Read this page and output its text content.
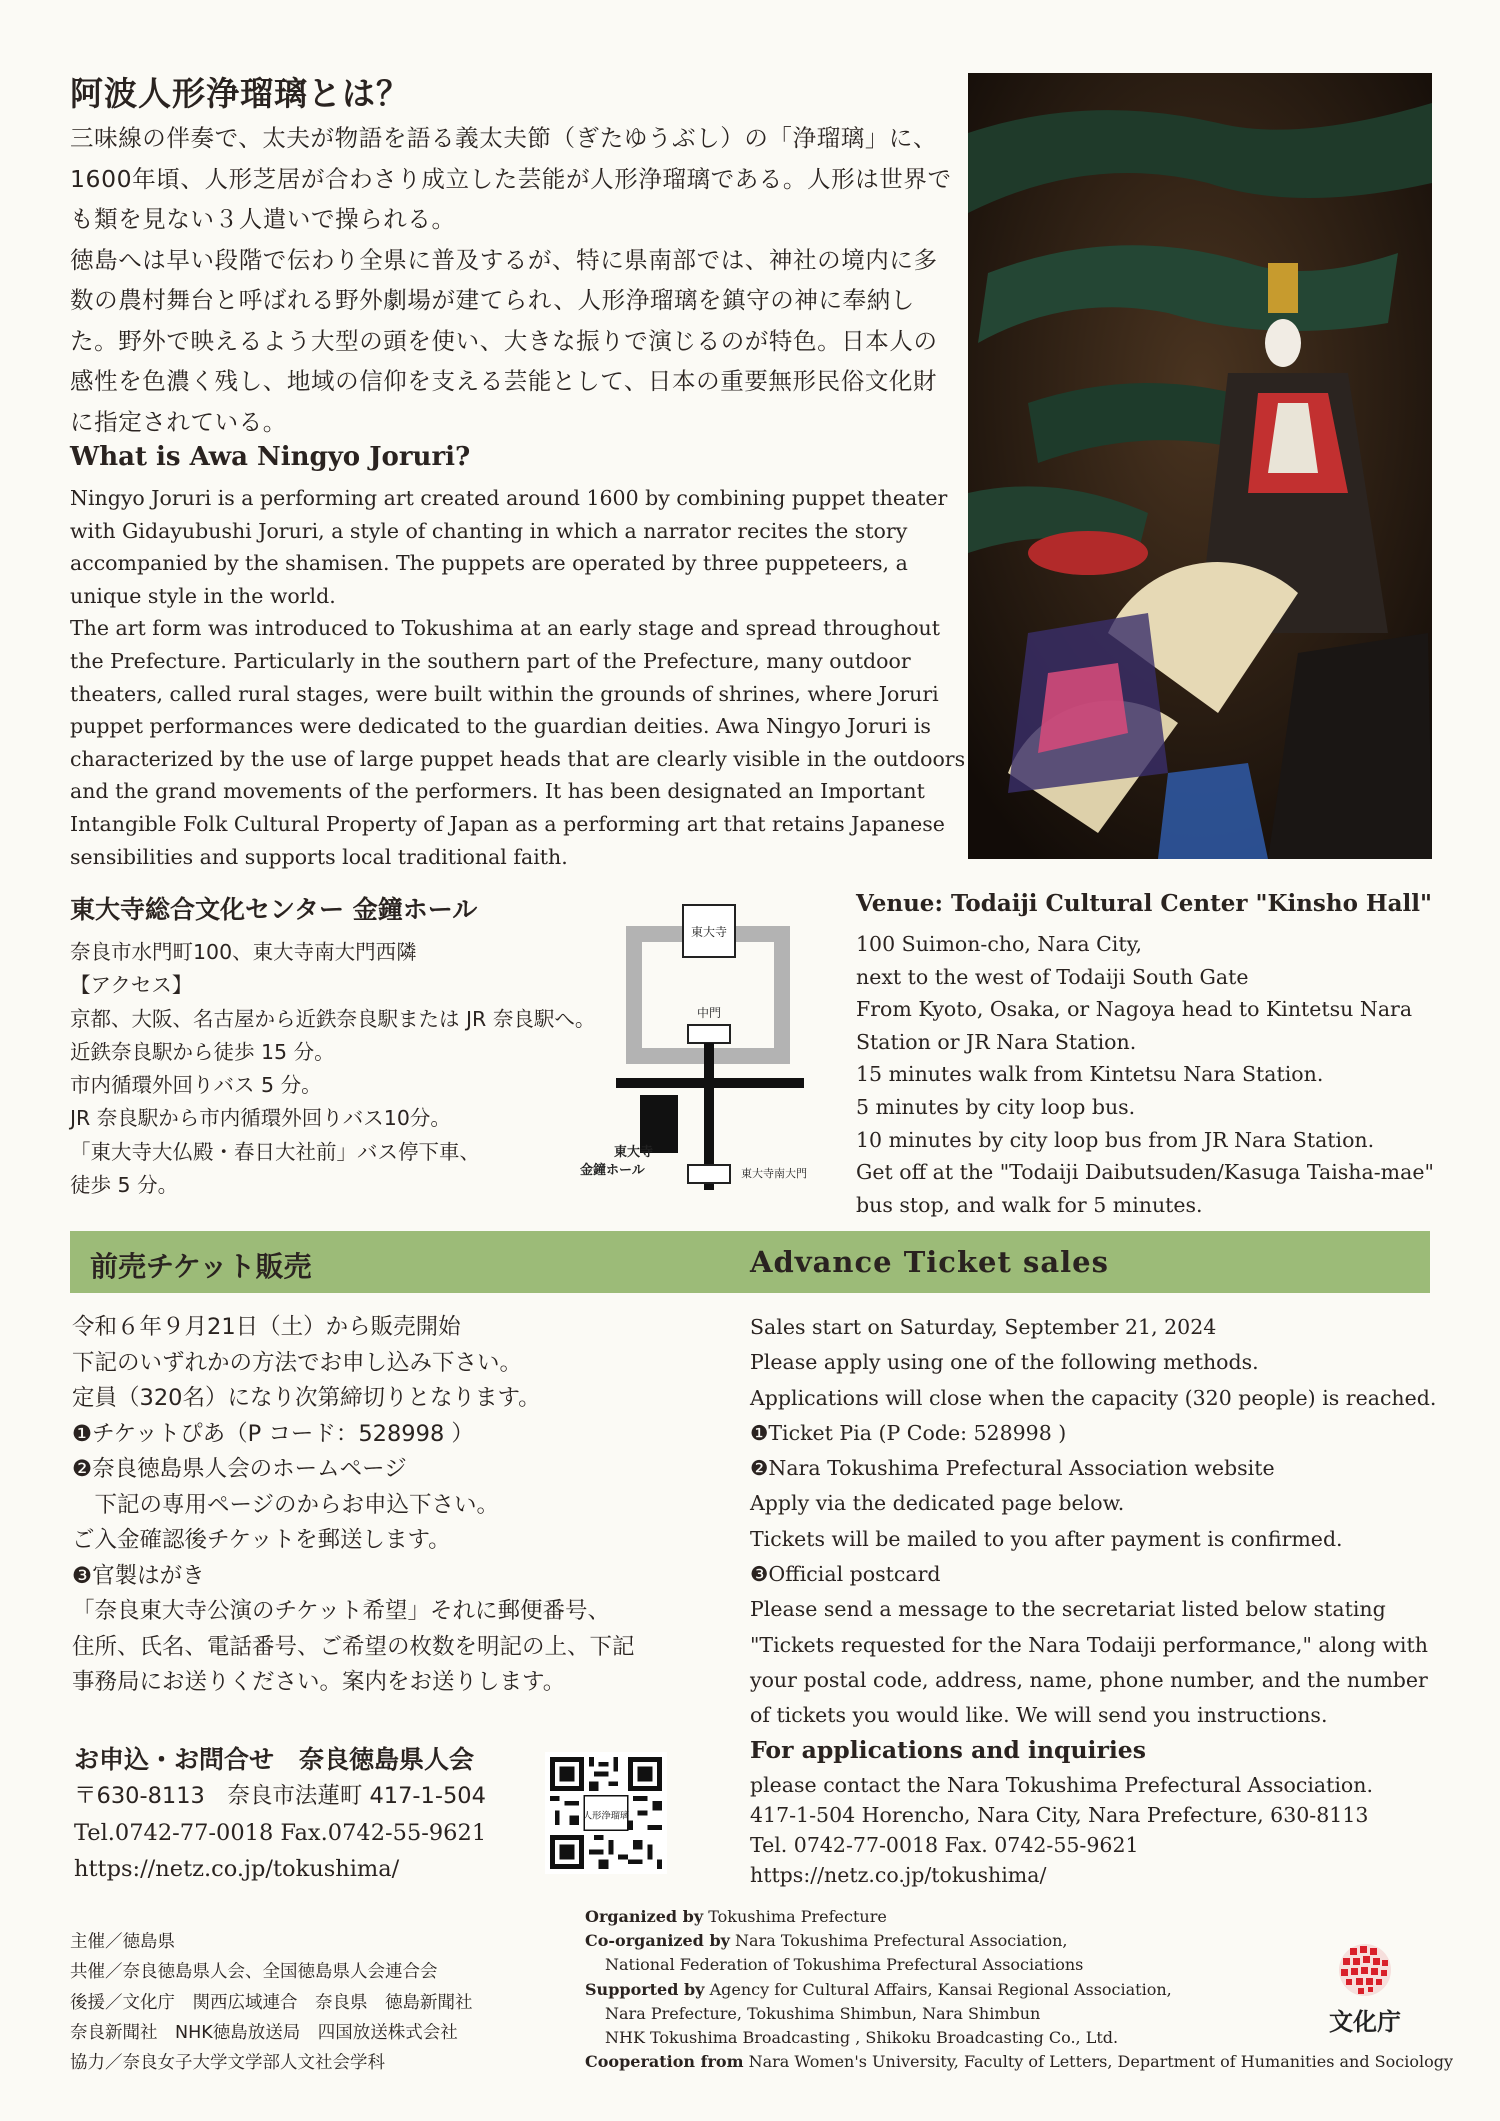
阿波人形浄瑠璃とは？
三味線の伴奏で、太夫が物語を語る義太夫節（ぎたゆうぶし）の「浄瑠璃」に、1600年頃、人形芝居が合わさり成立した芸能が人形浄瑠璃である。人形は世界でも類を見ない３人遣いで操られる。
徳島へは早い段階で伝わり全県に普及するが、特に県南部では、神社の境内に多数の農村舞台と呼ばれる野外劇場が建てられ、人形浄瑠璃を鎮守の神に奉納した。野外で映えるよう大型の頭を使い、大きな振りで演じるのが特色。日本人の感性を色濃く残し、地域の信仰を支える芸能として、日本の重要無形民俗文化財に指定されている。
What is Awa Ningyo Joruri?
Ningyo Joruri is a performing art created around 1600 by combining puppet theater with Gidayubushi Joruri, a style of chanting in which a narrator recites the story accompanied by the shamisen. The puppets are operated by three puppeteers, a unique style in the world.
The art form was introduced to Tokushima at an early stage and spread throughout the Prefecture. Particularly in the southern part of the Prefecture, many outdoor theaters, called rural stages, were built within the grounds of shrines, where Joruri puppet performances were dedicated to the guardian deities. Awa Ningyo Joruri is characterized by the use of large puppet heads that are clearly visible in the outdoors and the grand movements of the performers. It has been designated an Important Intangible Folk Cultural Property of Japan as a performing art that retains Japanese sensibilities and supports local traditional faith.
東大寺総合文化センター 金鐘ホール
奈良市水門町100、東大寺南大門西隣
【アクセス】
京都、大阪、名古屋から近鉄奈良駅または JR 奈良駅へ。
近鉄奈良駅から徒歩 15 分。
市内循環外回りバス 5 分。
JR 奈良駅から市内循環外回りバス10分。
「東大寺大仏殿・春日大社前」バス停下車、
徒歩 5 分。
東大寺
中門
東大寺
金鐘ホール	東大寺南大門
Venue: Todaiji Cultural Center "Kinsho Hall"
100 Suimon-cho, Nara City,
next to the west of Todaiji South Gate
From Kyoto, Osaka, or Nagoya head to Kintetsu Nara
Station or JR Nara Station.
15 minutes walk from Kintetsu Nara Station.
5 minutes by city loop bus.
10 minutes by city loop bus from JR Nara Station.
Get off at the "Todaiji Daibutsuden/Kasuga Taisha-mae"
bus stop, and walk for 5 minutes.
前売チケット販売	Advance Ticket sales
令和６年９月21日（土）から販売開始
下記のいずれかの方法でお申し込み下さい。
定員（320名）になり次第締切りとなります。
❶チケットぴあ（P コード：528998 ）
❷奈良徳島県人会のホームページ
　下記の専用ページのからお申込下さい。
ご入金確認後チケットを郵送します。
❸官製はがき
「奈良東大寺公演のチケット希望」それに郵便番号、
住所、氏名、電話番号、ご希望の枚数を明記の上、下記
事務局にお送りください。案内をお送りします。
Sales start on Saturday, September 21, 2024
Please apply using one of the following methods.
Applications will close when the capacity (320 people) is reached.
❶Ticket Pia (P Code: 528998 )
❷Nara Tokushima Prefectural Association website
Apply via the dedicated page below.
Tickets will be mailed to you after payment is confirmed.
❸Official postcard
Please send a message to the secretariat listed below stating
"Tickets requested for the Nara Todaiji performance," along with
your postal code, address, name, phone number, and the number
of tickets you would like. We will send you instructions.
お申込・お問合せ　奈良徳島県人会
〒630-8113　奈良市法蓮町 417-1-504
Tel.0742-77-0018 Fax.0742-55-9621
https://netz.co.jp/tokushima/
人形浄瑠璃
For applications and inquiries
please contact the Nara Tokushima Prefectural Association.
417-1-504 Horencho, Nara City, Nara Prefecture, 630-8113
Tel. 0742-77-0018 Fax. 0742-55-9621
https://netz.co.jp/tokushima/
主催／徳島県
共催／奈良徳島県人会、全国徳島県人会連合会
後援／文化庁　関西広域連合　奈良県　徳島新聞社
奈良新聞社　NHK徳島放送局　四国放送株式会社
協力／奈良女子大学文学部人文社会学科
Organized by Tokushima Prefecture
Co-organized by Nara Tokushima Prefectural Association,
National Federation of Tokushima Prefectural Associations
Supported by Agency for Cultural Affairs, Kansai Regional Association,
Nara Prefecture, Tokushima Shimbun, Nara Shimbun
NHK Tokushima Broadcasting , Shikoku Broadcasting Co., Ltd.
Cooperation from Nara Women's University, Faculty of Letters, Department of Humanities and Sociology
文化庁
